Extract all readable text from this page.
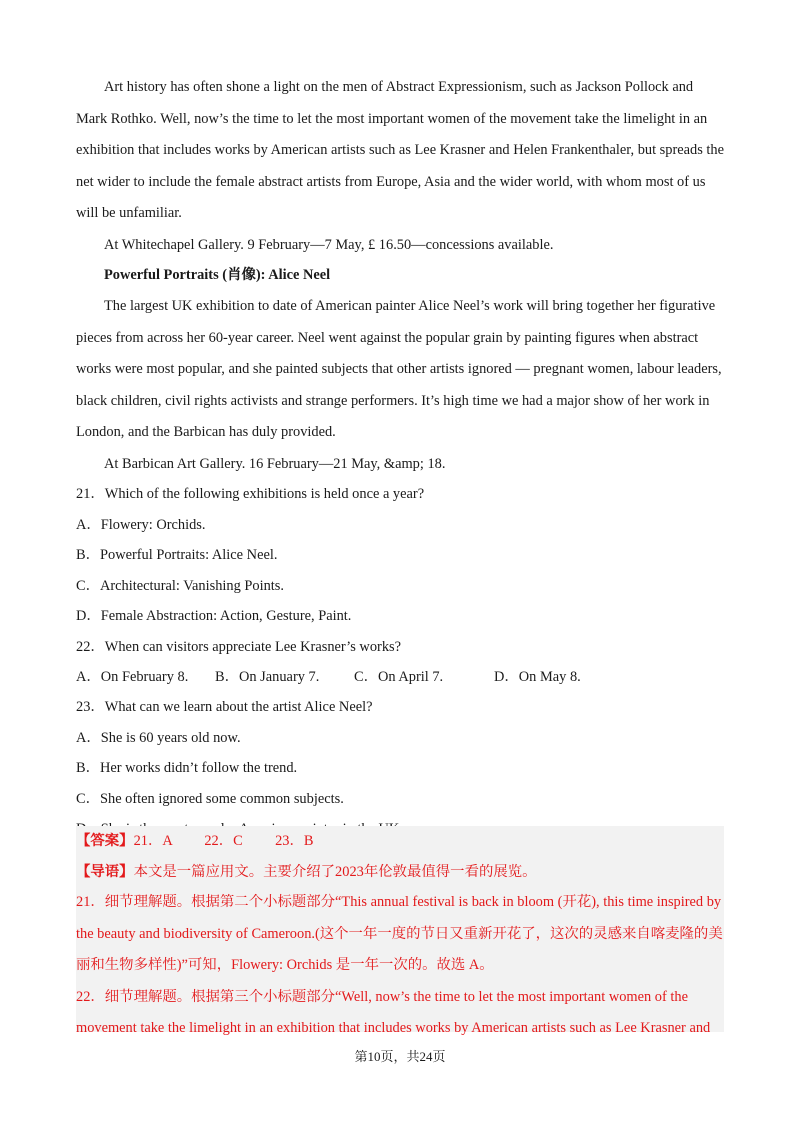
Art history has often shone a light on the men of Abstract Expressionism, such as Jackson Pollock and Mark Rothko. Well, now’s the time to let the most important women of the movement take the limelight in an exhibition that includes works by American artists such as Lee Krasner and Helen Frankenthaler, but spreads the net wider to include the female abstract artists from Europe, Asia and the wider world, with whom most of us will be unfamiliar.

At Whitechapel Gallery. 9 February—7 May, £ 16.50—concessions available.

Powerful Portraits (肖像): Alice Neel

The largest UK exhibition to date of American painter Alice Neel’s work will bring together her figurative pieces from across her 60-year career. Neel went against the popular grain by painting figures when abstract works were most popular, and she painted subjects that other artists ignored — pregnant women, labour leaders, black children, civil rights activists and strange performers. It’s high time we had a major show of her work in London, and the Barbican has duly provided.

At Barbican Art Gallery. 16 February—21 May, &amp; 18.

21．Which of the following exhibitions is held once a year?

A．Flowery: Orchids.

B．Powerful Portraits: Alice Neel.

C．Architectural: Vanishing Points.

D．Female Abstraction: Action, Gesture, Paint.

22．When can visitors appreciate Lee Krasner’s works?

A．On February 8.	B．On January 7.	C．On April 7.	D．On May 8.

23．What can we learn about the artist Alice Neel?

A．She is 60 years old now.

B．Her works didn’t follow the trend.

C．She often ignored some common subjects.

【答案】21．A　　 22．C　　 23．B

【导语】本文是一篇应用文。主要介绍了2023年伦敦最值得一看的展览。

21．细节理解题。根据第二个小标题部分“This annual festival is back in bloom (开花), this time inspired by the beauty and biodiversity of Cameroon.(这个一年一度的节日又重新开花了，这次的灵感来自喀麦隆的美丽和生物多样性)”可知，Flowery: Orchids 是一年一次的。故选 A。

22．细节理解题。根据第三个小标题部分“Well, now’s the time to let the most important women of the movement take the limelight in an exhibition that includes works by American artists such as Lee Krasner and

第10页，共24页
